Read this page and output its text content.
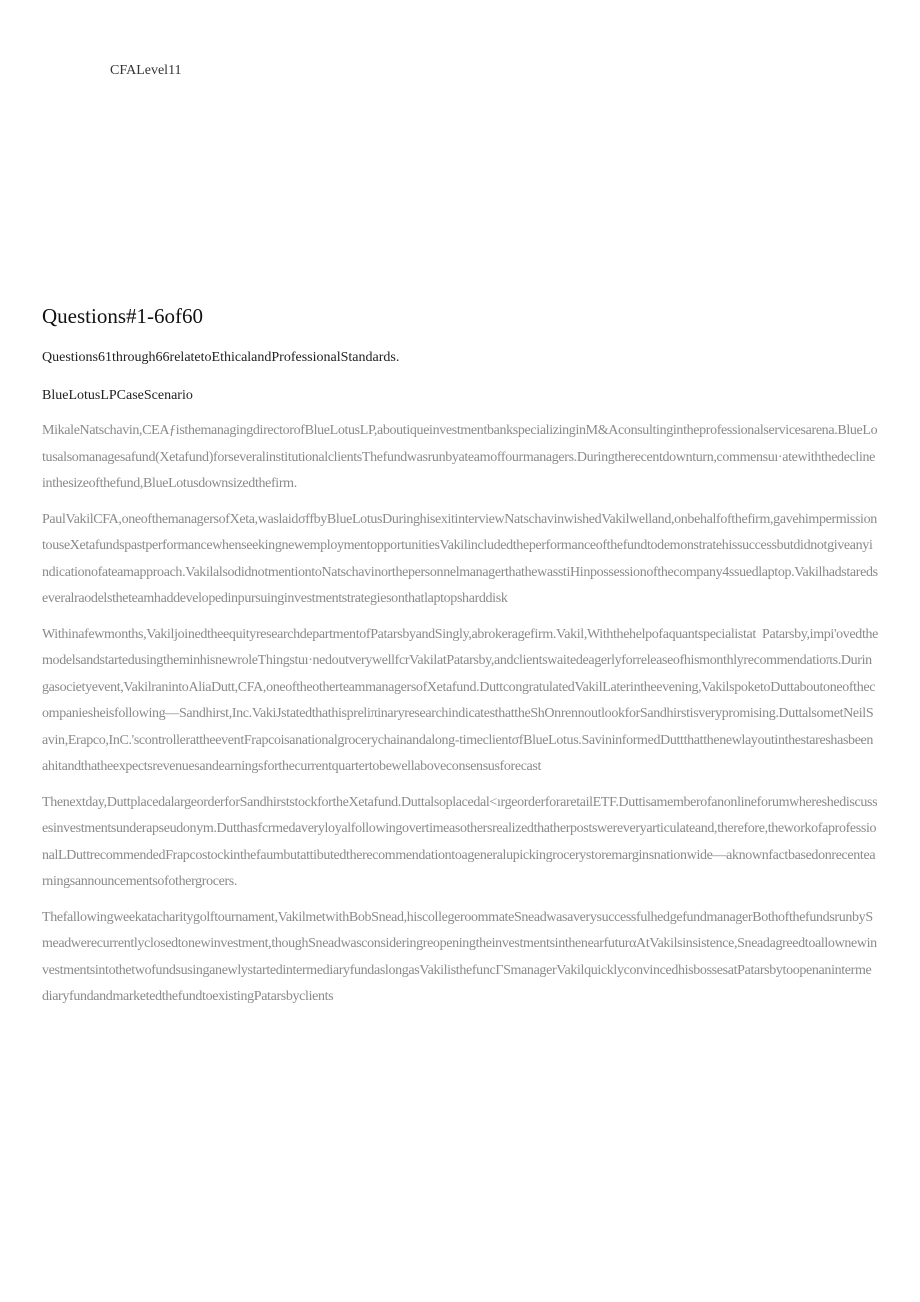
CFALevel11
Questions#1-6of60
Questions61through66relatetoEthicalandProfessionalStandards.
BlueLotusLPCaseScenario

MikaleNatschavin,CEAƒisthemanagingdirectorofBlueLotusLP,aboutiqueinvestmentbankspecializinginM&Aconsultingintheprofessionalservicesarena.BlueLotusalsomanagesafund(Xetafund)forseveralinstitutionalclientsThefundwasrunbyateamoffourmanagers.Duringtherecentdownturn,commensuı·atewiththedeclineinthesizeofthefund,BlueLotusdownsizedthefirm.

PaulVakilCFA,oneofthemanagersofXeta,waslaidσffbyBlueLotusDuringhisexitinterviewNatschavinwishedVakilwelland,onbehalfofthefirm,gavehimpermissiontouseXetafundspastperformancewhenseekingnewemploymentopportunitiesVakilincludedtheperformanceofthefundtodemonstratehissuccessbutdidnotgiveanyindicationofateamapproach.VakilalsodidnotmentiontoNatschavinorthepersonnelmanagerthathewasstiHinpossessionofthecompany4ssuedlaptop.Vakilhadstaredseveralraodelstheteamhaddevelopedinpursuinginvestmentstrategiesonthatlaptopsharddisk

Withinafewmonths,VakiljoinedtheequityresearchdepartmentofPatarsbyandSingly,abrokeragefirm.Vakil,Withthehelpofaquantspecialistat Patarsby,impi'ovedthemodelsandstartedusingtheminhisnewroleThingstuı·nedoutverywellfcrVakilatPatarsby,andclientswaitedeagerlyforreleaseofhismonthlyrecommendatioπs.Duringasocietyevent,VakilranintoAliaDutt,CFA,oneoftheotherteammanagersofXetafund.DuttcongratulatedVakilLaterintheevening,VakilspoketoDuttaboutoneofthecompaniesheisfollowing—Sandhirst,Inc.VakiJstatedthathispreliπinaryresearchindicatesthattheShOnrennoutlookforSandhirstisverypromising.DuttalsometNeilSavin,Erapco,InC.'scontrollerattheeventFrapcoisanationalgrocerychainandalong-timeclientσfBlueLotus.SavininformedDuttthatthenewlayoutinthestareshasbeenahitandthatheexpectsrevenuesandearningsforthecurrentquartertobewellaboveconsensusforecast

Thenextday,DuttplacedalargeorderforSandhirststockfortheXetafund.Duttalsoplacedal<ırgeorderforaretailETF.Duttisamemberofanonlineforumwhereshediscussesinvestmentsunderapseudonym.Dutthasfcrmedaveryloyalfollowingovertimeasothersrealizedthatherpostswereveryarticulateand,therefore,theworkofaprofessionalLDuttrecommendedFrapcostockinthefaumbutattibutedtherecommendationtoageneralupickingrocerystoremarginsnationwide—aknownfactbasedonrecentearningsannouncementsofothergrocers.

Thefallowingweekatacharitygolftournament,VakilmetwithBobSnead,hiscollegeroommateSneadwasaverysuccessfulhedgefundmanagerBothofthefundsrunbySmeadwerecurrentlyclosedtonewinvestment,thoughSneadwasconsideringreopeningtheinvestmentsinthenearfuturαAtVakilsinsistence,SneadagreedtoallownewinvestmentsintothetwofundsusinganewlystartedintermediaryfundaslongasVakilisthefuncΓSmanagerVakilquicklyconvincedhisbossesatPatarsbytoopenanintermediaryfundandmarketedthefundtoexistingPatarsbyclients
